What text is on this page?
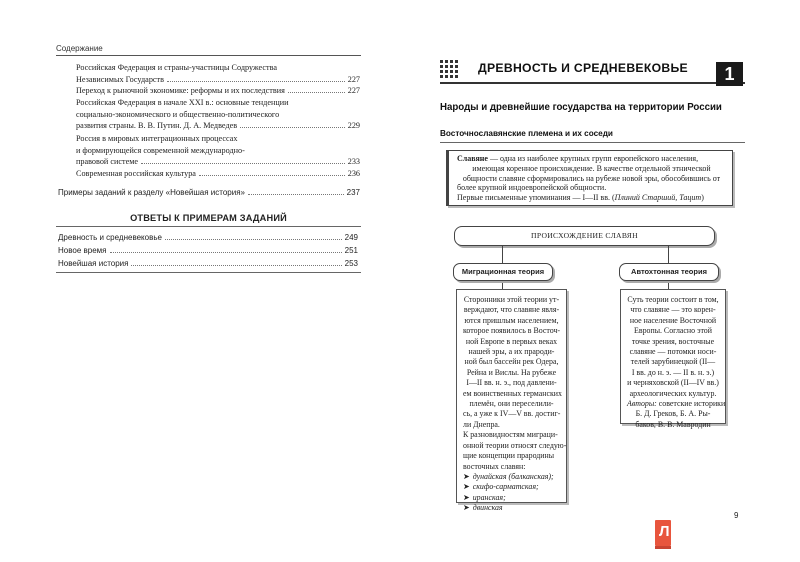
Содержание
Российская Федерация и страны-участницы Содружества
Независимых Государств	227
Переход к рыночной экономике: реформы и их последствия	227
Российская Федерация в начале XXI в.: основные тенденции
социально-экономического и общественно-политического
развития страны. В. В. Путин. Д. А. Медведев	229
Россия в мировых интеграционных процессах
и формирующейся современной международно-
правовой системе	233
Современная российская культура	236
Примеры заданий к разделу «Новейшая история»	237
ОТВЕТЫ К ПРИМЕРАМ ЗАДАНИЙ
Древность и средневековье	249
Новое время	251
Новейшая история	253
ДРЕВНОСТЬ И СРЕДНЕВЕКОВЬЕ	1
Народы и древнейшие государства на территории России
Восточнославянские племена и их соседи
Славяне — одна из наиболее крупных групп европейского населения,
имеющая коренное происхождение. В качестве отдельной этнической
общности славяне сформировались на рубеже новой эры, обособившись от
более крупной индоевропейской общности.
Первые письменные упоминания — I—II вв. (Плиний Старший, Тацит)
ПРОИСХОЖДЕНИЕ СЛАВЯН
Миграционная теория	Автохтонная теория
Сторонники этой теории ут-
верждают, что славяне явля-
ются пришлым населением,
которое появилось в Восточ-
ной Европе в первых веках
нашей эры, а их прароди-
ной был бассейн рек Одера,
Рейна и Вислы. На рубеже
I—II вв. н. э., под давлени-
ем воинственных германских
племён, они переселили-
сь, а уже к IV—V вв. достиг-
ли Днепра.
К разновидностям миграци-
онной теории относят следую-
щие концепции прародины
восточных славян:
➤ дунайская (балканская);
➤ скифо-сарматская;
➤ иранская;
➤ двинская
Суть теории состоит в том,
что славяне — это корен-
ное население Восточной
Европы. Согласно этой
точке зрения, восточные
славяне — потомки носи-
телей зарубинецкой (II—
I вв. до н. э. — II в. н. э.)
и черняховской (II—IV вв.)
археологических культур.
Авторы: советские историки
Б. Д. Греков, Б. А. Ры-
баков, В. В. Мавродин
9
Л
